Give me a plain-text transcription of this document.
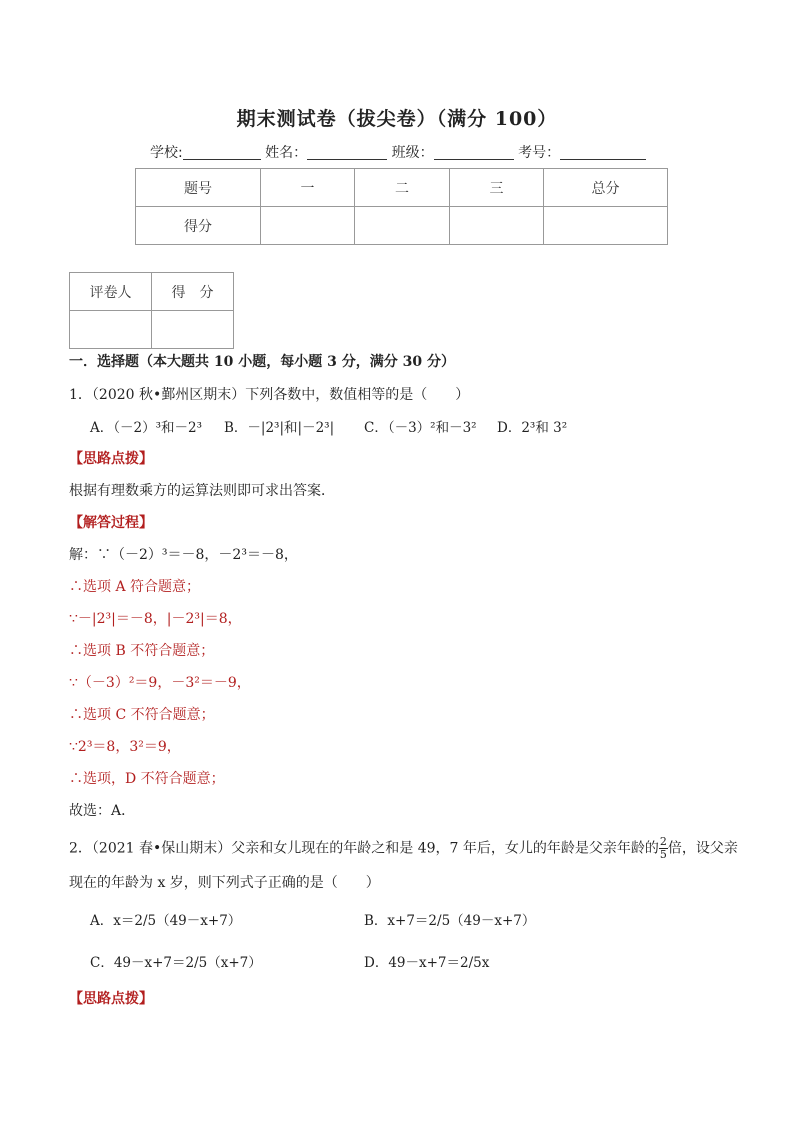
期末测试卷（拔尖卷）（满分 100）
学校:	姓名：	班级：	考号：
题号	一	二	三	总分
得分				
评卷人	得　分

一．选择题（本大题共 10 小题，每小题 3 分，满分 30 分）
1．（2020 秋•鄞州区期末）下列各数中，数值相等的是（　　）
A．（－2）³和－2³ B．－|2³|和|－2³| C．（－3）²和－3² D．2³和 3²
【思路点拨】
根据有理数乘方的运算法则即可求出答案．
【解答过程】
解：∵（－2）³＝－8，－2³＝－8，
∴选项 A 符合题意；
∵－|2³|＝－8，|－2³|＝8，
∴选项 B 不符合题意；
∵（－3）²＝9，－3²＝－9，
∴选项 C 不符合题意；
∵2³＝8，3²＝9，
∴选项，D 不符合题意；
故选：A．
2．（2021 春•保山期末）父亲和女儿现在的年龄之和是 49，7 年后，女儿的年龄是父亲年龄的 $\frac{2}{5}$ 倍，设父亲
现在的年龄为 x 岁，则下列式子正确的是（　　）
A．x＝2/5（49－x+7）	B．x+7＝2/5（49－x+7）
C．49－x+7＝2/5（x+7）	D．49－x+7＝2/5x
【思路点拨】
